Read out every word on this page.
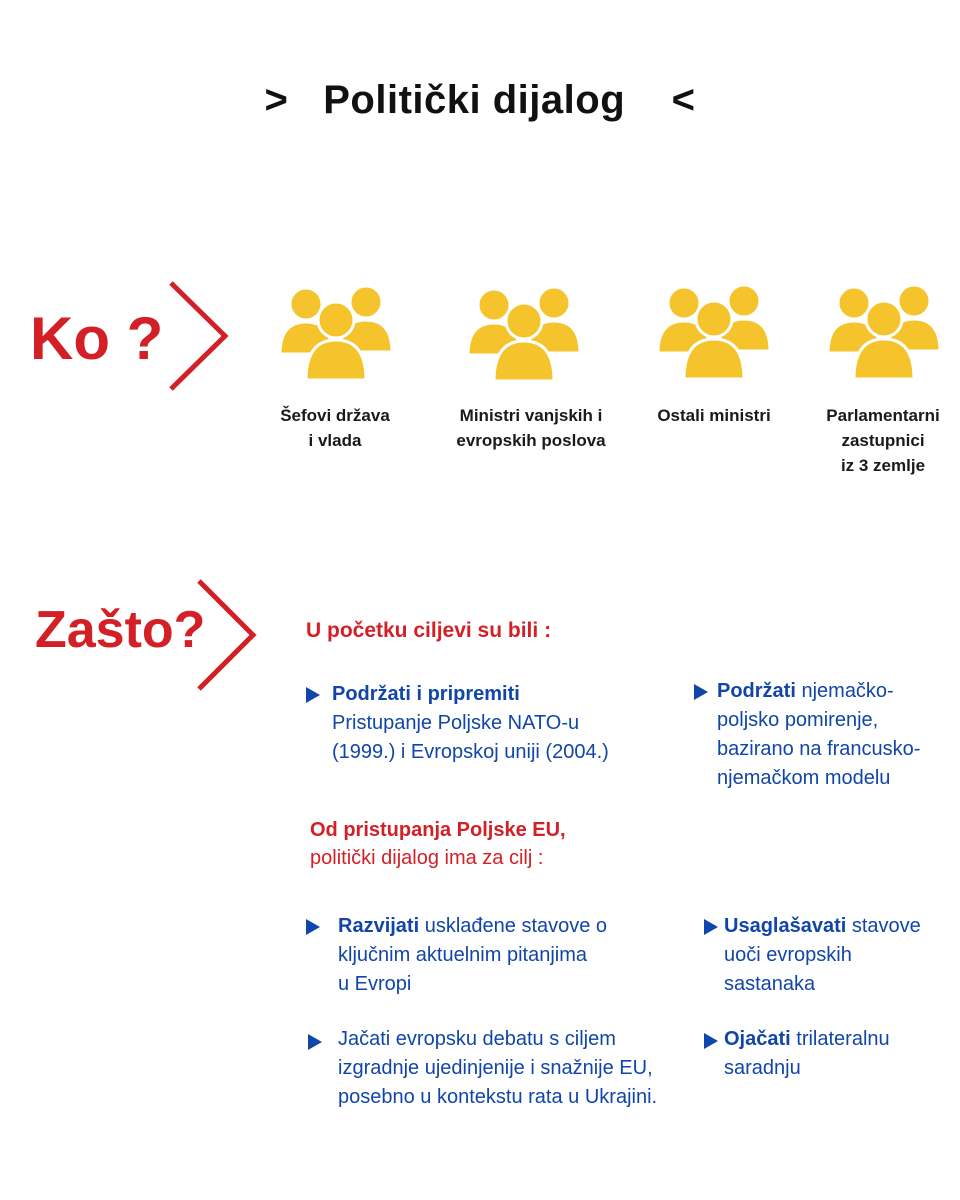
> Politički dijalog <
Ko ?
Šefovi država
i vlada
Ministri vanjskih i
evropskih poslova
Ostali ministri	Parlamentarni
zastupnici
iz 3 zemlje
Zašto?	U početku ciljevi su bili :
Podržati i pripremiti
Pristupanje Poljske NATO-u
(1999.) i Evropskoj uniji (2004.)
Podržati njemačko-
poljsko pomirenje,
bazirano na francusko-
njemačkom modelu
Od pristupanja Poljske EU,
politički dijalog ima za cilj :
Razvijati usklađene stavove o
ključnim aktuelnim pitanjima
u Evropi
Usaglašavati stavove
uoči evropskih
sastanaka
Jačati evropsku debatu s ciljem
izgradnje ujedinjenije i snažnije EU,
posebno u kontekstu rata u Ukrajini.
Ojačati trilateralnu
saradnju
